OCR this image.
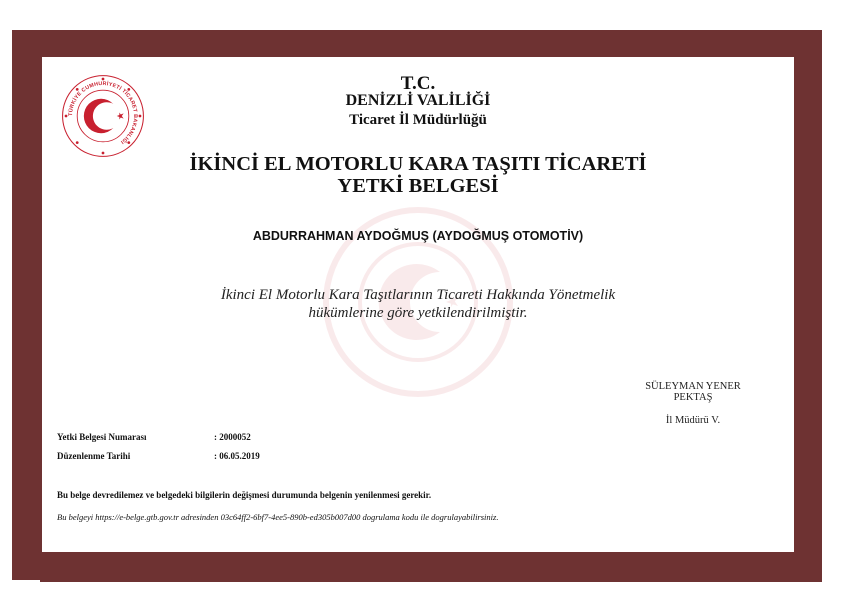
TÜRKİYE CUMHURİYETİ TİCARET BAKANLIĞI
T.C.
DENİZLİ VALİLİĞİ
Ticaret İl Müdürlüğü
İKİNCİ EL MOTORLU KARA TAŞITI TİCARETİ
YETKİ BELGESİ
ABDURRAHMAN AYDOĞMUŞ (AYDOĞMUŞ OTOMOTİV)
İkinci El Motorlu Kara Taşıtlarının Ticareti Hakkında Yönetmelik
hükümlerine göre yetkilendirilmiştir.
SÜLEYMAN YENER
PEKTAŞ
İl Müdürü V.
Yetki Belgesi Numarası	: 2000052
Düzenlenme Tarihi	: 06.05.2019
Bu belge devredilemez ve belgedeki bilgilerin değişmesi durumunda belgenin yenilenmesi gerekir.
Bu belgeyi https://e-belge.gtb.gov.tr adresinden 03c64ff2-6bf7-4ee5-890b-ed305b007d00 dogrulama kodu ile dogrulayabilirsiniz.
